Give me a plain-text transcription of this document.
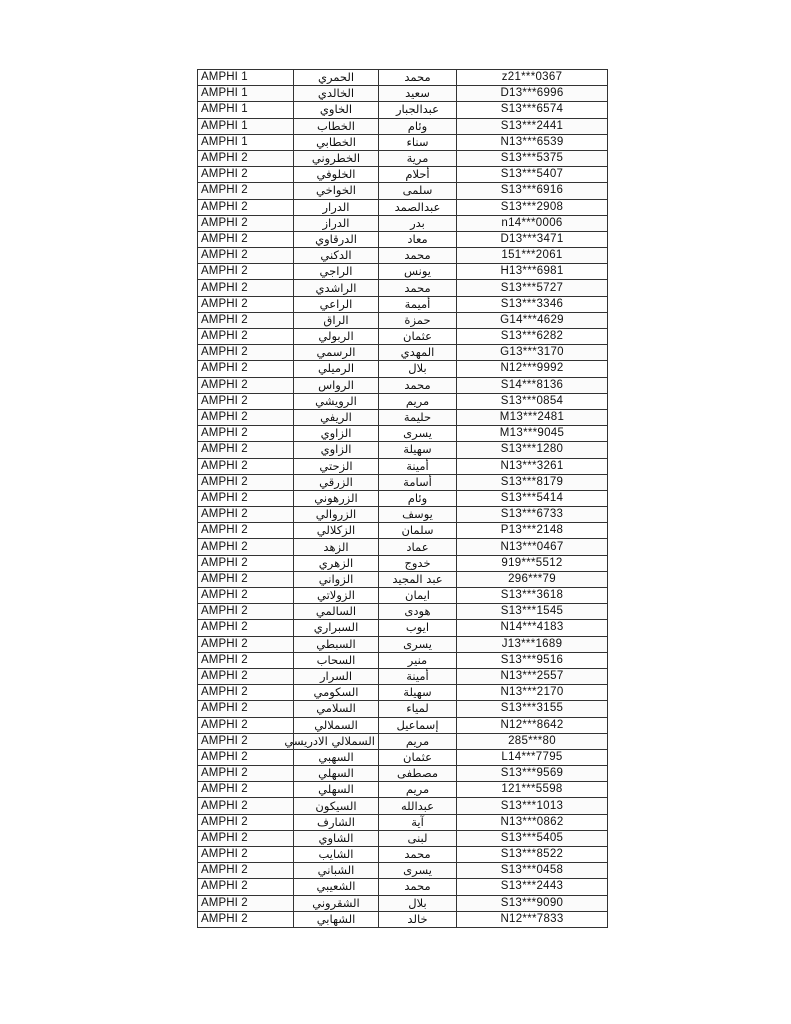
AMPHI 1	الحمري	محمد	z21***0367
AMPHI 1	الخالدي	سعيد	D13***6996
AMPHI 1	الخاوي	عبدالجبار	S13***6574
AMPHI 1	الخطاب	وئام	S13***2441
AMPHI 1	الخطابي	سناء	N13***6539
AMPHI 2	الخطروني	مرية	S13***5375
AMPHI 2	الخلوفي	أحلام	S13***5407
AMPHI 2	الخواخي	سلمى	S13***6916
AMPHI 2	الدرار	عبدالصمد	S13***2908
AMPHI 2	الدراز	بدر	n14***0006
AMPHI 2	الدرقاوي	معاد	D13***3471
AMPHI 2	الدكني	محمد	151***2061
AMPHI 2	الراجي	يونس	H13***6981
AMPHI 2	الراشدي	محمد	S13***5727
AMPHI 2	الراعي	أميمة	S13***3346
AMPHI 2	الراق	حمزة	G14***4629
AMPHI 2	الربولي	عثمان	S13***6282
AMPHI 2	الرسمي	المهدي	G13***3170
AMPHI 2	الرميلي	بلال	N12***9992
AMPHI 2	الرواس	محمد	S14***8136
AMPHI 2	الرويشي	مريم	S13***0854
AMPHI 2	الريفي	حليمة	M13***2481
AMPHI 2	الزاوي	يسرى	M13***9045
AMPHI 2	الزاوي	سهيلة	S13***1280
AMPHI 2	الزحتي	أمينة	N13***3261
AMPHI 2	الزرقي	أسامة	S13***8179
AMPHI 2	الزرهوني	وئام	S13***5414
AMPHI 2	الزروالي	يوسف	S13***6733
AMPHI 2	الزكلالي	سلمان	P13***2148
AMPHI 2	الزهد	عماد	N13***0467
AMPHI 2	الزهري	خدوج	919***5512
AMPHI 2	الزواني	عبد المجيد	296***79
AMPHI 2	الزولاتي	ايمان	S13***3618
AMPHI 2	السالمي	هودى	S13***1545
AMPHI 2	السبراري	ايوب	N14***4183
AMPHI 2	السبطي	يسرى	J13***1689
AMPHI 2	السحاب	منير	S13***9516
AMPHI 2	السرار	أمينة	N13***2557
AMPHI 2	السكومي	سهيلة	N13***2170
AMPHI 2	السلامي	لمياء	S13***3155
AMPHI 2	السملالي	إسماعيل	N12***8642
AMPHI 2	السملالي الادريسي	مريم	285***80
AMPHI 2	السهبي	عثمان	L14***7795
AMPHI 2	السهلي	مصطفى	S13***9569
AMPHI 2	السهلي	مريم	121***5598
AMPHI 2	السيكون	عبدالله	S13***1013
AMPHI 2	الشارف	آية	N13***0862
AMPHI 2	الشاوي	لبنى	S13***5405
AMPHI 2	الشايب	محمد	S13***8522
AMPHI 2	الشباني	يسرى	S13***0458
AMPHI 2	الشعيبي	محمد	S13***2443
AMPHI 2	الشقروني	بلال	S13***9090
AMPHI 2	الشهابي	خالد	N12***7833
